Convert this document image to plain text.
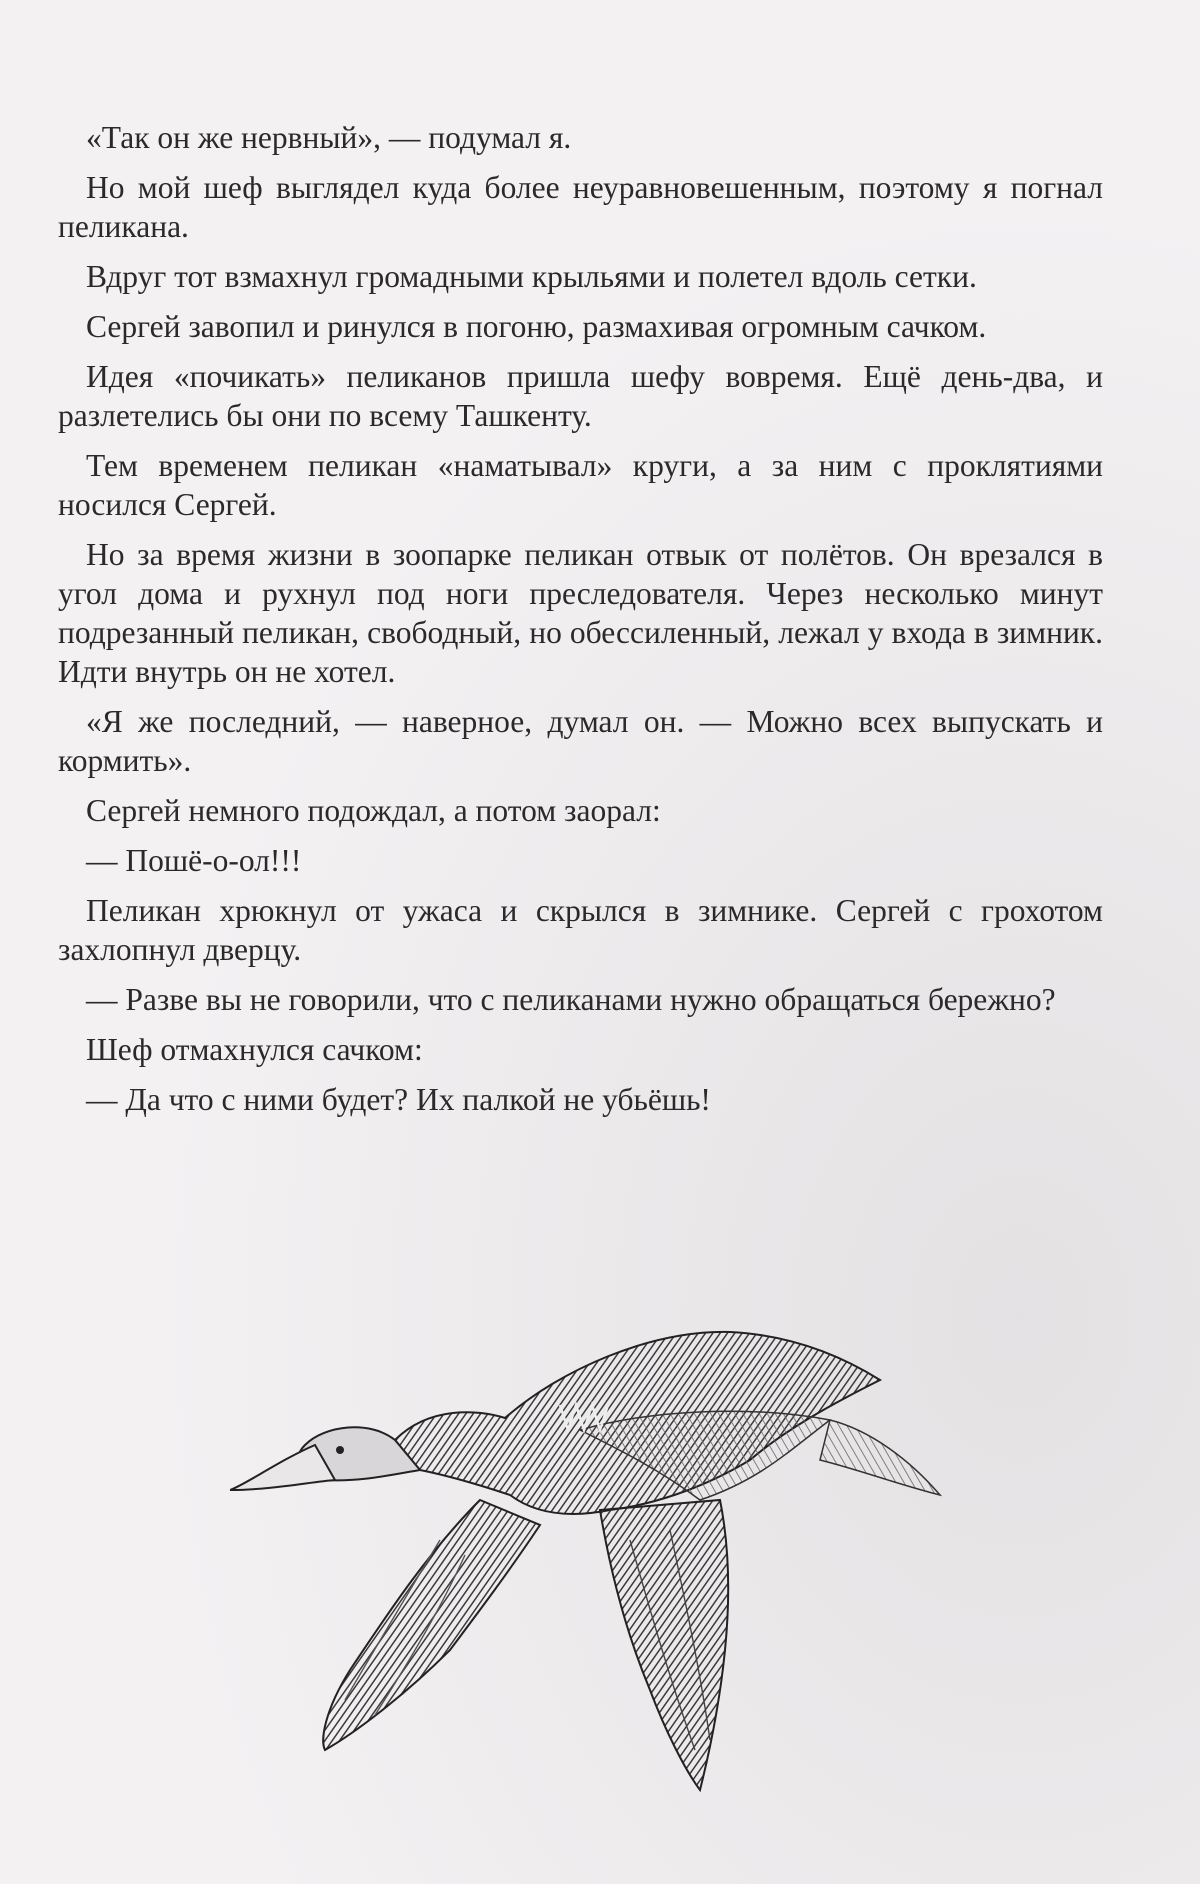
«Так он же нервный», — подумал я.

Но мой шеф выглядел куда более неуравновешенным, поэтому я погнал пеликана.

Вдруг тот взмахнул громадными крыльями и полетел вдоль сетки.

Сергей завопил и ринулся в погоню, размахивая огромным сачком.

Идея «почикать» пеликанов пришла шефу вовремя. Ещё день-два, и разлетелись бы они по всему Ташкенту.

Тем временем пеликан «наматывал» круги, а за ним с проклятиями носился Сергей.

Но за время жизни в зоопарке пеликан отвык от полётов. Он врезался в угол дома и рухнул под ноги преследователя. Через несколько минут подрезанный пеликан, свободный, но обессиленный, лежал у входа в зимник. Идти внутрь он не хотел.

«Я же последний, — наверное, думал он. — Можно всех выпускать и кормить».

Сергей немного подождал, а потом заорал:

— Пошё-о-ол!!!

Пеликан хрюкнул от ужаса и скрылся в зимнике. Сергей с грохотом захлопнул дверцу.

— Разве вы не говорили, что с пеликанами нужно обращаться бережно?

Шеф отмахнулся сачком:

— Да что с ними будет? Их палкой не убьёшь!
